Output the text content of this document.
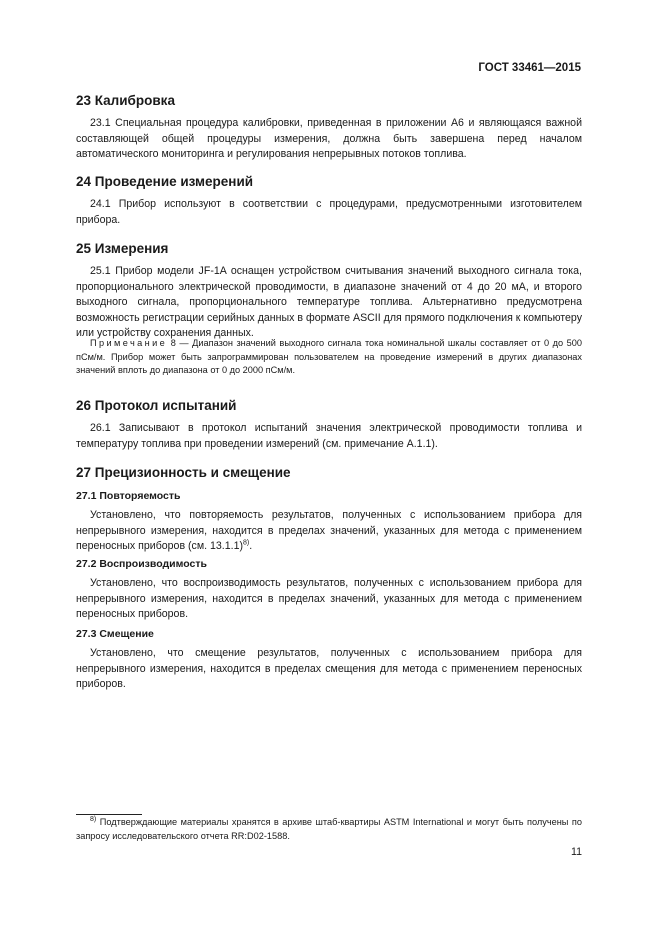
ГОСТ 33461—2015
23 Калибровка

23.1 Специальная процедура калибровки, приведенная в приложении А6 и являющаяся важной составляющей общей процедуры измерения, должна быть завершена перед началом автоматического мониторинга и регулирования непрерывных потоков топлива.

24 Проведение измерений

24.1 Прибор используют в соответствии с процедурами, предусмотренными изготовителем прибора.

25 Измерения

25.1 Прибор модели JF-1A оснащен устройством считывания значений выходного сигнала тока, пропорционального электрической проводимости, в диапазоне значений от 4 до 20 мА, и второго выходного сигнала, пропорционального температуре топлива. Альтернативно предусмотрена возможность регистрации серийных данных в формате ASCII для прямого подключения к компьютеру или устройству сохранения данных.

Примечание 8 — Диапазон значений выходного сигнала тока номинальной шкалы составляет от 0 до 500 пСм/м. Прибор может быть запрограммирован пользователем на проведение измерений в других диапазонах значений вплоть до диапазона от 0 до 2000 пСм/м.

26 Протокол испытаний

26.1 Записывают в протокол испытаний значения электрической проводимости топлива и температуру топлива при проведении измерений (см. примечание А.1.1).

27 Прецизионность и смещение
27.1 Повторяемость

Установлено, что повторяемость результатов, полученных с использованием прибора для непрерывного измерения, находится в пределах значений, указанных для метода с применением переносных приборов (см. 13.1.1)$^{8)}$.

27.2 Воспроизводимость

Установлено, что воспроизводимость результатов, полученных с использованием прибора для непрерывного измерения, находится в пределах значений, указанных для метода с применением переносных приборов.

27.3 Смещение

Установлено, что смещение результатов, полученных с использованием прибора для непрерывного измерения, находится в пределах смещения для метода с применением переносных приборов.

$^{8)}$ Подтверждающие материалы хранятся в архиве штаб-квартиры ASTM International и могут быть получены по запросу исследовательского отчета RR:D02-1588.

11
